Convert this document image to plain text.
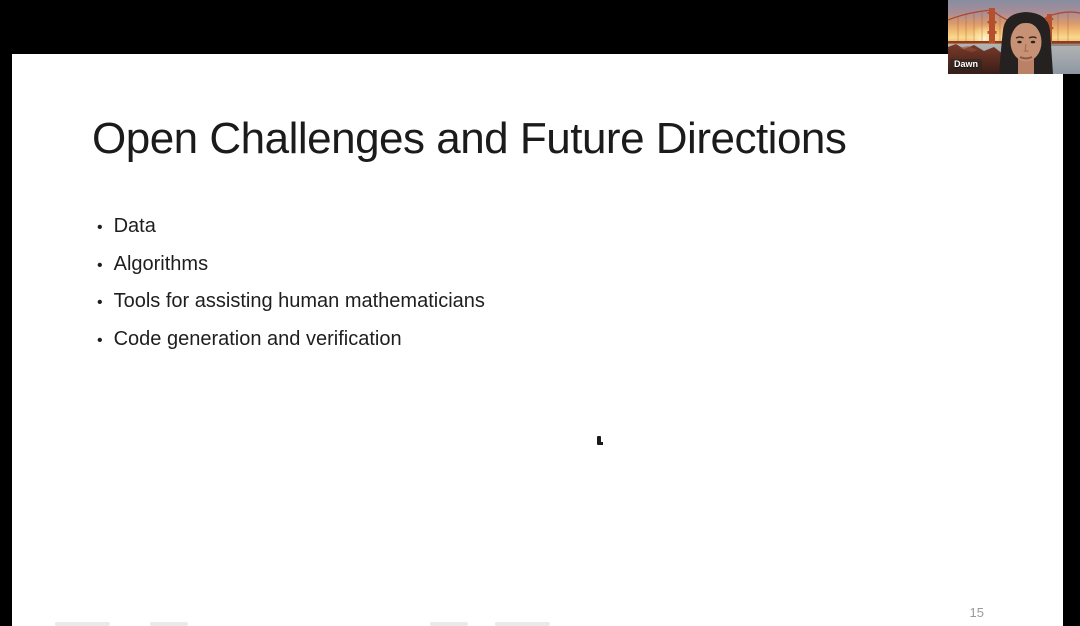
Open Challenges and Future Directions
• Data
• Algorithms
• Tools for assisting human mathematicians
• Code generation and verification
15
Dawn
